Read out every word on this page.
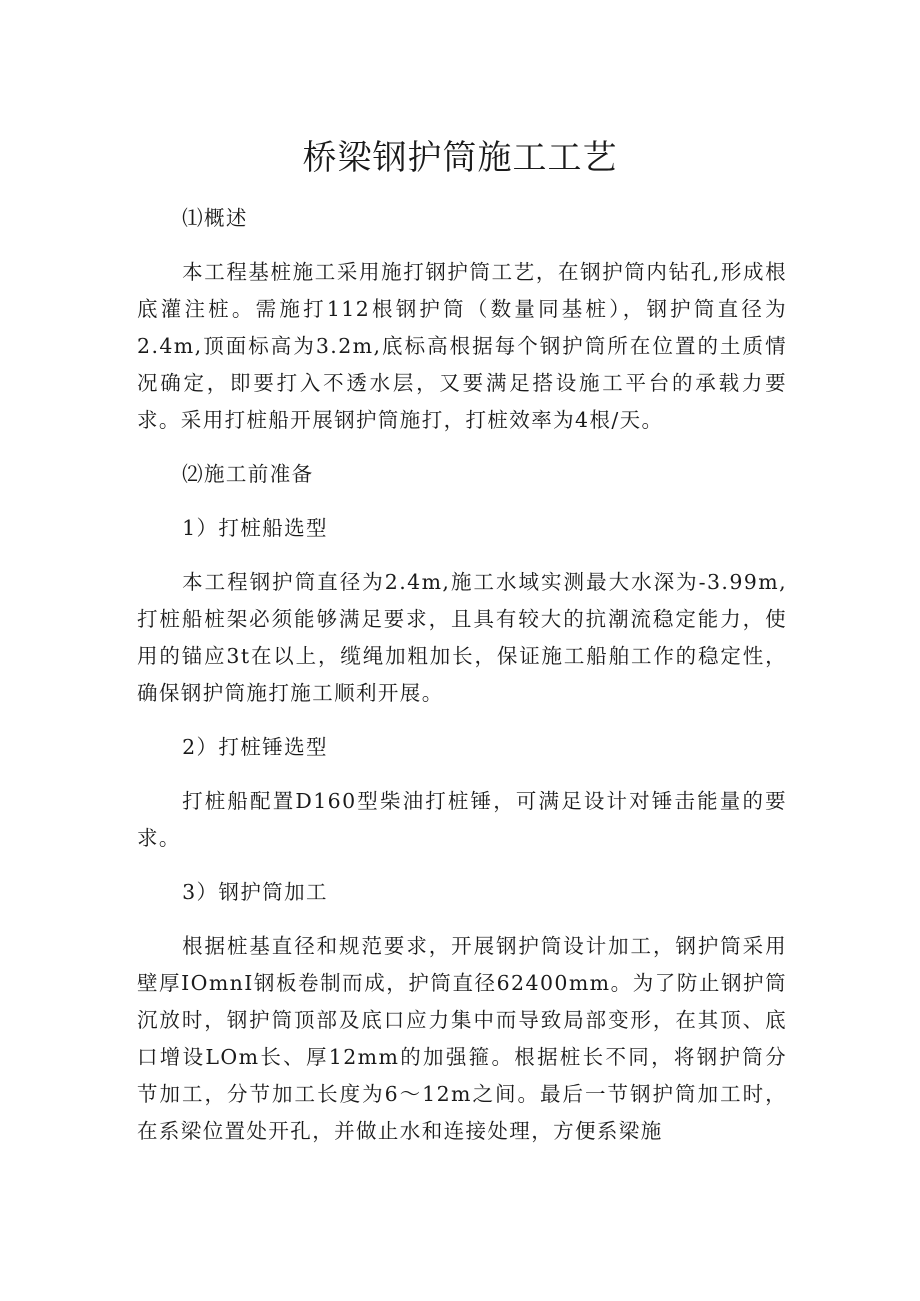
桥梁钢护筒施工工艺

⑴概述

本工程基桩施工采用施打钢护筒工艺，在钢护筒内钻孔,形成根底灌注桩。需施打112根钢护筒（数量同基桩），钢护筒直径为2.4m,顶面标高为3.2m,底标高根据每个钢护筒所在位置的土质情况确定，即要打入不透水层，又要满足搭设施工平台的承载力要求。采用打桩船开展钢护筒施打，打桩效率为4根/天。

⑵施工前准备

1）打桩船选型

本工程钢护筒直径为2.4m,施工水域实测最大水深为-3.99m,打桩船桩架必须能够满足要求，且具有较大的抗潮流稳定能力，使用的锚应3t在以上，缆绳加粗加长，保证施工船舶工作的稳定性，确保钢护筒施打施工顺利开展。

2）打桩锤选型

打桩船配置D160型柴油打桩锤，可满足设计对锤击能量的要求。

3）钢护筒加工

根据桩基直径和规范要求，开展钢护筒设计加工，钢护筒采用壁厚IOmnI钢板卷制而成，护筒直径62400mm。为了防止钢护筒沉放时，钢护筒顶部及底口应力集中而导致局部变形，在其顶、底口增设LOm长、厚12mm的加强箍。根据桩长不同，将钢护筒分节加工，分节加工长度为6～12m之间。最后一节钢护筒加工时，在系梁位置处开孔，并做止水和连接处理，方便系梁施
